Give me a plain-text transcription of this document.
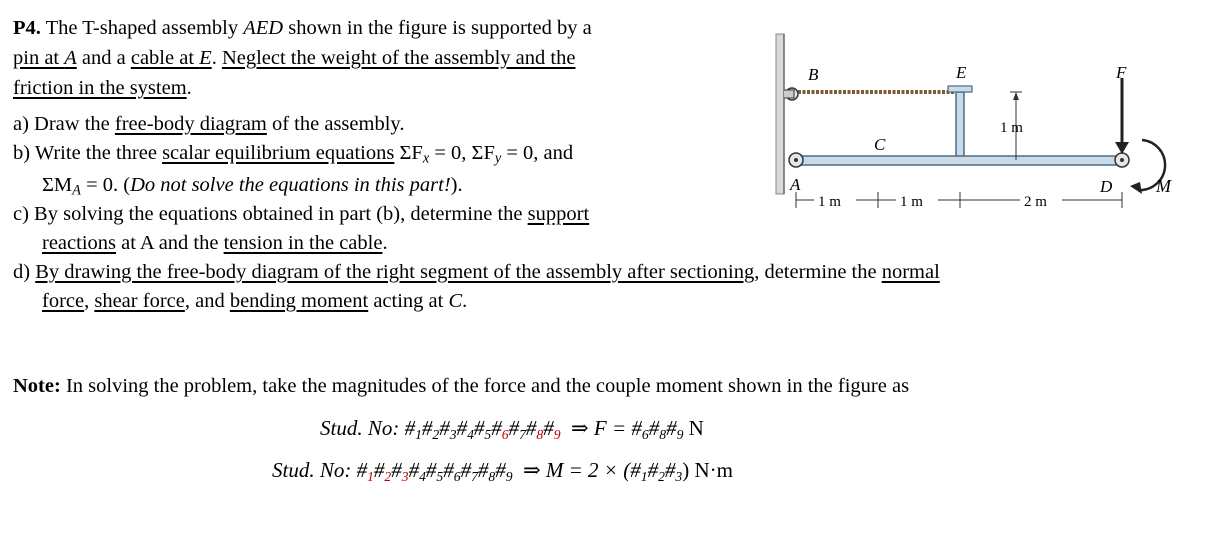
P4. The T-shaped assembly AED shown in the figure is supported by a
pin at A and a cable at E. Neglect the weight of the assembly and the
friction in the system.
a) Draw the free-body diagram of the assembly.
b) Write the three scalar equilibrium equations $\Sigma F_x = 0$, $\Sigma F_y = 0$, and
$\Sigma M_A = 0$. (Do not solve the equations in this part!).
c) By solving the equations obtained in part (b), determine the support
reactions at A and the tension in the cable.
d) By drawing the free-body diagram of the right segment of the assembly after sectioning, determine the normal
force, shear force, and bending moment acting at C.
B	E	F
C
A	D M
1 m
1 m	1 m	2 m
Note: In solving the problem, take the magnitudes of the force and the couple moment shown in the figure as
Stud. No: #1#2#3#4#5#6#7#8#9 ⇒ F = #6#8#9 N
Stud. No: #1#2#3#4#5#6#7#8#9 ⇒ M = 2 × (#1#2#3) N·m
